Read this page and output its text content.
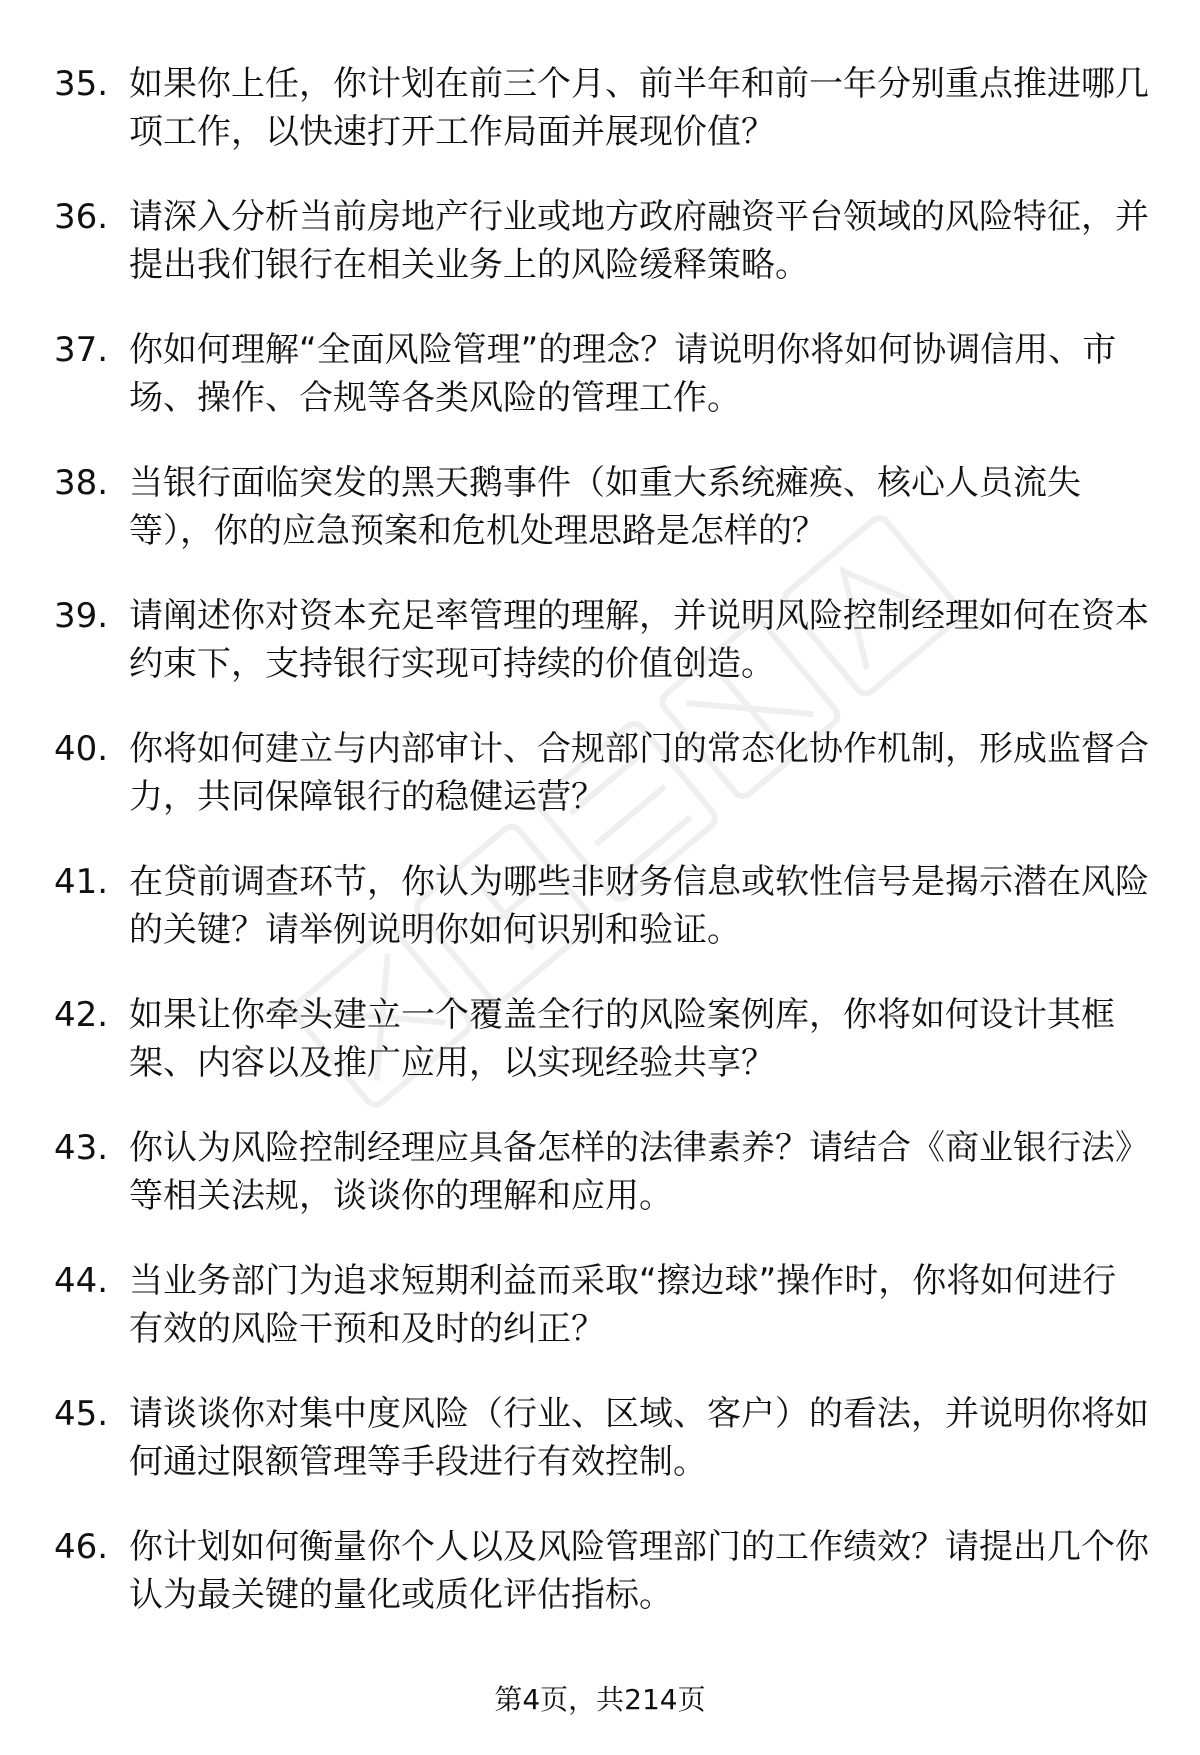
35. 如果你上任，你计划在前三个月、前半年和前一年分别重点推进哪几项工作，以快速打开工作局面并展现价值？
36. 请深入分析当前房地产行业或地方政府融资平台领域的风险特征，并提出我们银行在相关业务上的风险缓释策略。
37. 你如何理解“全面风险管理”的理念？请说明你将如何协调信用、市场、操作、合规等各类风险的管理工作。
38. 当银行面临突发的黑天鹅事件（如重大系统瘫痪、核心人员流失等），你的应急预案和危机处理思路是怎样的？
39. 请阐述你对资本充足率管理的理解，并说明风险控制经理如何在资本约束下，支持银行实现可持续的价值创造。
40. 你将如何建立与内部审计、合规部门的常态化协作机制，形成监督合力，共同保障银行的稳健运营？
41. 在贷前调查环节，你认为哪些非财务信息或软性信号是揭示潜在风险的关键？请举例说明你如何识别和验证。
42. 如果让你牵头建立一个覆盖全行的风险案例库，你将如何设计其框架、内容以及推广应用，以实现经验共享？
43. 你认为风险控制经理应具备怎样的法律素养？请结合《商业银行法》等相关法规，谈谈你的理解和应用。
44. 当业务部门为追求短期利益而采取“擦边球”操作时，你将如何进行有效的风险干预和及时的纠正？
45. 请谈谈你对集中度风险（行业、区域、客户）的看法，并说明你将如何通过限额管理等手段进行有效控制。
46. 你计划如何衡量你个人以及风险管理部门的工作绩效？请提出几个你认为最关键的量化或质化评估指标。
第4页，共214页
